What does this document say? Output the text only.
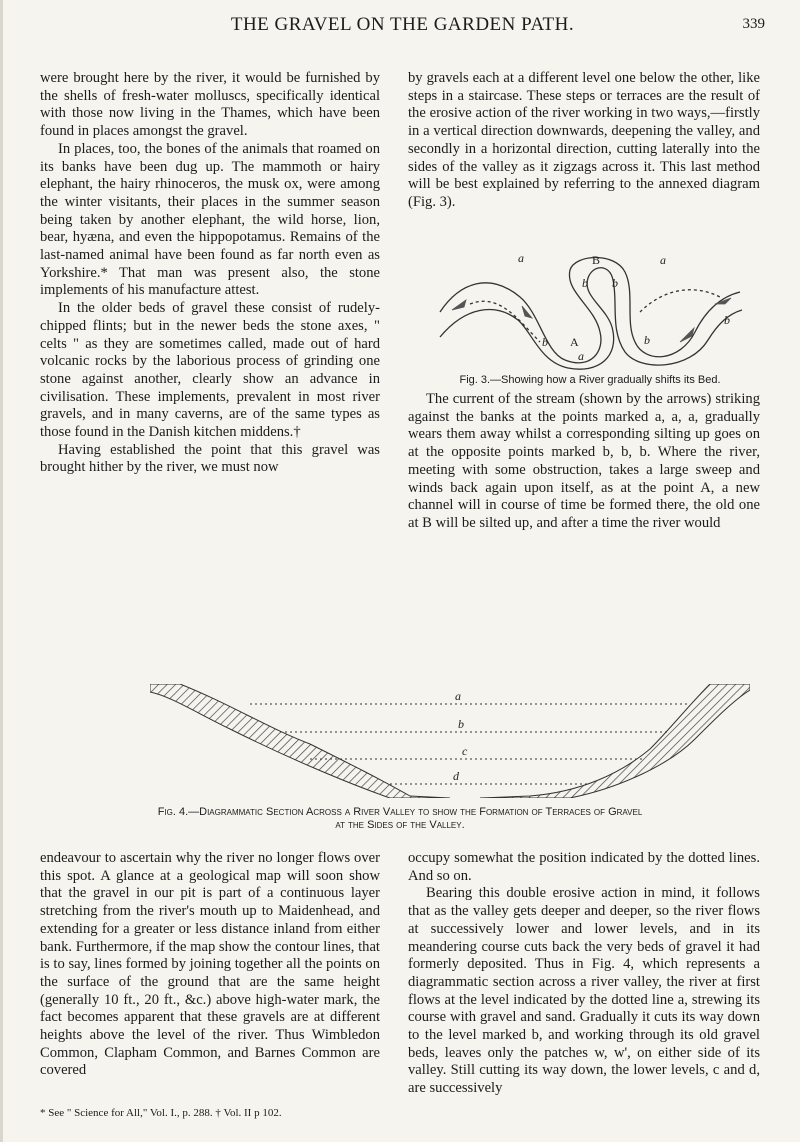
THE GRAVEL ON THE GARDEN PATH.	339

were brought here by the river, it would be furnished by the shells of fresh-water molluscs, specifically identical with those now living in the Thames, which have been found in places amongst the gravel.

In places, too, the bones of the animals that roamed on its banks have been dug up. The mammoth or hairy elephant, the hairy rhinoceros, the musk ox, were among the winter visitants, their places in the summer season being taken by another elephant, the wild horse, lion, bear, hyæna, and even the hippopotamus. Remains of the last-named animal have been found as far north even as Yorkshire.* That man was present also, the stone implements of his manufacture attest.

In the older beds of gravel these consist of rudely-chipped flints; but in the newer beds the stone axes, " celts " as they are sometimes called, made out of hard volcanic rocks by the laborious process of grinding one stone against another, clearly show an advance in civilisation. These implements, prevalent in most river gravels, and in many caverns, are of the same types as those found in the Danish kitchen middens.†

Having established the point that this gravel was brought hither by the river, we must now

by gravels each at a different level one below the other, like steps in a staircase. These steps or terraces are the result of the erosive action of the river working in two ways,—firstly in a vertical direction downwards, deepening the valley, and secondly in a horizontal direction, cutting laterally into the sides of the valley as it zigzags across it. This last method will be best explained by referring to the annexed diagram (Fig. 3).

a	B	a
b b
b A	b
b
a
Fig. 3.—Showing how a River gradually shifts its Bed.

The current of the stream (shown by the arrows) striking against the banks at the points marked a, a, a, gradually wears them away whilst a corresponding silting up goes on at the opposite points marked b, b, b. Where the river, meeting with some obstruction, takes a large sweep and winds back again upon itself, as at the point A, a new channel will in course of time be formed there, the old one at B will be silted up, and after a time the river would

a
b
c
d
Fig. 4.—Diagrammatic Section Across a River Valley to show the Formation of Terraces of Gravel
at the Sides of the Valley.

endeavour to ascertain why the river no longer flows over this spot. A glance at a geological map will soon show that the gravel in our pit is part of a continuous layer stretching from the river's mouth up to Maidenhead, and extending for a greater or less distance inland from either bank. Furthermore, if the map show the contour lines, that is to say, lines formed by joining together all the points on the surface of the ground that are the same height (generally 10 ft., 20 ft., &c.) above high-water mark, the fact becomes apparent that these gravels are at different heights above the level of the river. Thus Wimbledon Common, Clapham Common, and Barnes Common are covered

occupy somewhat the position indicated by the dotted lines. And so on.

Bearing this double erosive action in mind, it follows that as the valley gets deeper and deeper, so the river flows at successively lower and lower levels, and in its meandering course cuts back the very beds of gravel it had formerly deposited. Thus in Fig. 4, which represents a diagrammatic section across a river valley, the river at first flows at the level indicated by the dotted line a, strewing its course with gravel and sand. Gradually it cuts its way down to the level marked b, and working through its old gravel beds, leaves only the patches w, w', on either side of its valley. Still cutting its way down, the lower levels, c and d, are successively

* See " Science for All," Vol. I., p. 288. † Vol. II p 102.
